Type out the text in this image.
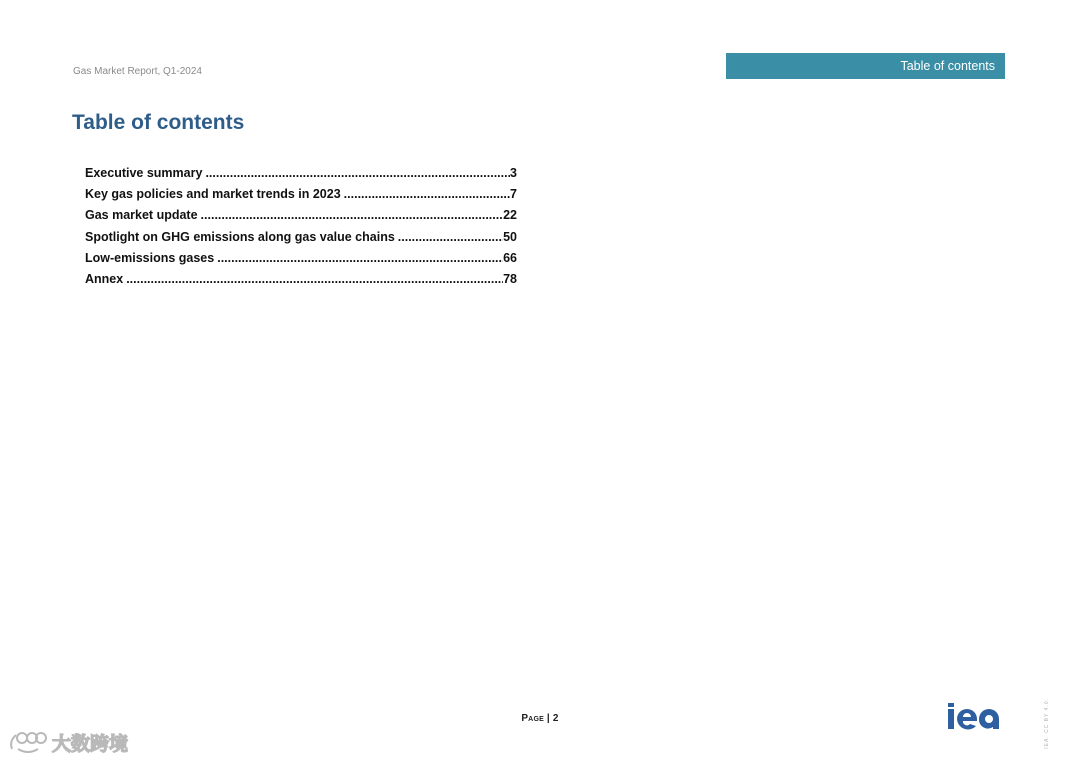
Gas Market Report, Q1-2024	Table of contents
Table of contents
Executive summary .....	3
Key gas policies and market trends in 2023 .....	7
Gas market update .....	22
Spotlight on GHG emissions along gas value chains .....	50
Low-emissions gases .....	66
Annex .....	78
Page | 2	IEA. CC BY 4.0.
大数跨境
